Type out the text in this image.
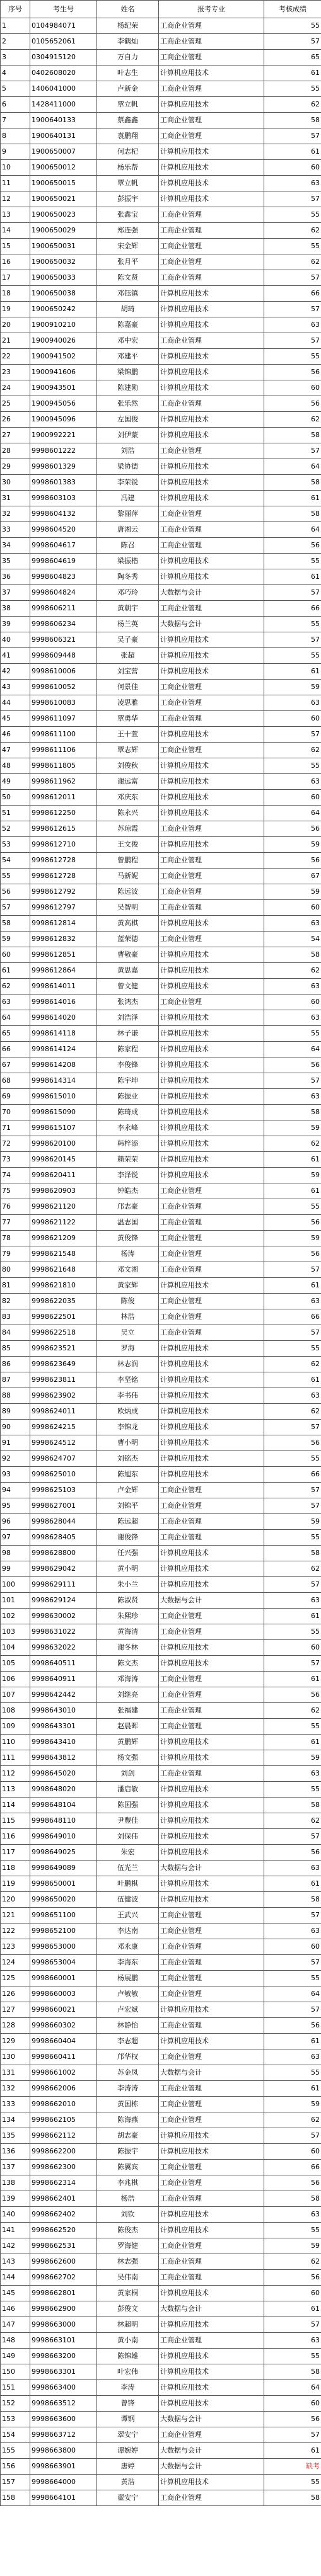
序号	考生号	姓名	报考专业	考核成绩
1	0104984071	杨纪荣	工商企业管理	55
2	0105652061	李鹤灿	工商企业管理	57
3	0304915120	万自力	工商企业管理	65
4	0402608020	叶志生	计算机应用技术	61
5	1406041000	卢新金	工商企业管理	55
6	1428411000	覃立帆	计算机应用技术	62
7	1900640133	蔡鑫鑫	工商企业管理	58
8	1900640131	袁鹏翔	工商企业管理	57
9	1900650007	何志杞	计算机应用技术	61
10	1900650012	杨乐帮	计算机应用技术	60
11	1900650015	覃立帆	计算机应用技术	63
12	1900650021	彭振宇	计算机应用技术	57
13	1900650023	张鑫宝	工商企业管理	55
14	1900650029	郑连强	工商企业管理	62
15	1900650031	宋金辉	工商企业管理	55
16	1900650032	张月平	工商企业管理	62
17	1900650033	陈文贤	工商企业管理	57
18	1900650038	邓钰镇	计算机应用技术	66
19	1900650242	胡琦	计算机应用技术	57
20	1900910210	陈嘉豪	计算机应用技术	63
21	1900940026	邓中宏	工商企业管理	57
22	1900941502	邓建平	计算机应用技术	55
23	1900941606	梁锦鹏	计算机应用技术	56
24	1900943501	陈建勋	计算机应用技术	60
25	1900945056	张乐然	工商企业管理	56
26	1900945096	左国俊	计算机应用技术	62
27	1900992221	刘伊蒙	计算机应用技术	58
28	9998601222	刘浩	工商企业管理	57
29	9998601329	梁协德	计算机应用技术	64
30	9998601383	李荣锐	计算机应用技术	58
31	9998603103	冯建	计算机应用技术	61
32	9998604132	黎丽萍	工商企业管理	58
33	9998604520	唐湘云	工商企业管理	64
34	9998604617	陈召	工商企业管理	56
35	9998604619	梁振楷	计算机应用技术	55
36	9998604823	陶冬秀	计算机应用技术	61
37	9998604824	邓巧玲	大数据与会计	57
38	9998606211	黄朝宇	工商企业管理	66
39	9998606234	杨兰英	大数据与会计	55
40	9998606321	吴子豪	计算机应用技术	57
41	9998609448	张超	计算机应用技术	55
42	9998610006	刘宝营	计算机应用技术	61
43	9998610052	何景佳	工商企业管理	59
44	9998610083	凌思雅	工商企业管理	63
45	9998611097	覃勇华	工商企业管理	60
46	9998611100	王十萱	计算机应用技术	57
47	9998611106	覃志辉	工商企业管理	62
48	9998611805	刘俊秋	计算机应用技术	55
49	9998611962	谢远富	计算机应用技术	63
50	9998612011	邓庆东	计算机应用技术	60
51	9998612250	陈永兴	计算机应用技术	64
52	9998612615	苏琼霞	工商企业管理	56
53	9998612710	王文俊	计算机应用技术	59
54	9998612728	曾鹏程	工商企业管理	56
55	9998612728	马新妮	工商企业管理	67
56	9998612792	陈远波	工商企业管理	59
57	9998612797	吴智明	工商企业管理	60
58	9998612814	黄高棋	计算机应用技术	63
59	9998612832	蓝荣德	工商企业管理	54
60	9998612851	曹敬豪	计算机应用技术	58
61	9998612864	黄思嘉	计算机应用技术	62
62	9998614011	曾文健	计算机应用技术	63
63	9998614016	张鸿杰	工商企业管理	60
64	9998614020	刘浩泽	计算机应用技术	63
65	9998614118	林子谦	计算机应用技术	55
66	9998614124	陈家程	计算机应用技术	64
67	9998614208	李俊锋	计算机应用技术	56
68	9998614314	陈宇坤	计算机应用技术	57
69	9998615010	陈振业	计算机应用技术	63
70	9998615090	陈琦成	计算机应用技术	58
71	9998615107	李永峰	计算机应用技术	59
72	9998620100	韩梓添	计算机应用技术	62
73	9998620145	赖荣荣	计算机应用技术	61
74	9998620411	李泽锐	计算机应用技术	59
75	9998620903	钟皓杰	工商企业管理	61
76	9998621120	邝志豪	工商企业管理	55
77	9998621122	温志国	工商企业管理	56
78	9998621209	黄俊锋	工商企业管理	59
79	9998621548	杨涛	工商企业管理	56
80	9998621648	邓文湘	工商企业管理	57
81	9998621810	黄家辉	计算机应用技术	61
82	9998622035	陈俊	工商企业管理	63
83	9998622501	林浩	工商企业管理	66
84	9998622518	吴立	工商企业管理	57
85	9998623521	罗海	计算机应用技术	55
86	9998623649	林志润	计算机应用技术	62
87	9998623811	李坚铭	计算机应用技术	61
88	9998623902	李书伟	计算机应用技术	63
89	9998624011	欧炳成	计算机应用技术	62
90	9998624215	李锦龙	计算机应用技术	57
91	9998624512	曹小明	计算机应用技术	56
92	9998624707	刘铭杰	计算机应用技术	55
93	9998625010	陈旭东	计算机应用技术	66
94	9998625103	卢金辉	工商企业管理	57
95	9998627001	刘锦平	工商企业管理	57
96	9998628044	陈远超	工商企业管理	59
97	9998628405	谢俊锋	工商企业管理	55
98	9998628800	任兴强	计算机应用技术	58
99	9998629042	黄小明	计算机应用技术	62
100	9998629111	朱小兰	计算机应用技术	57
101	9998629124	陈淑贤	大数据与会计	63
102	9998630002	朱熙珍	工商企业管理	61
103	9998631022	黄海清	工商企业管理	55
104	9998632022	谢冬林	计算机应用技术	60
105	9998640511	陈文杰	计算机应用技术	57
106	9998640911	邓海涛	工商企业管理	61
107	9998642442	刘继亮	工商企业管理	56
108	9998643010	张福建	工商企业管理	62
109	9998643301	赵晨晖	工商企业管理	55
110	9998643410	黄鹏辉	计算机应用技术	61
111	9998643812	杨文强	计算机应用技术	59
112	9998645020	刘剑	工商企业管理	63
113	9998648020	潘启敏	计算机应用技术	55
114	9998648104	陈国强	计算机应用技术	58
115	9998648110	尹豐佳	计算机应用技术	62
116	9998649010	刘保伟	计算机应用技术	57
117	9998649025	朱宏	计算机应用技术	56
118	9998649089	伍光兰	大数据与会计	63
119	9998650001	叶鹏棋	计算机应用技术	61
120	9998650020	伍健波	计算机应用技术	58
121	9998651100	王武兴	工商企业管理	57
122	9998652100	李达南	工商企业管理	63
123	9998653000	邓永康	工商企业管理	60
124	9998653004	李海东	工商企业管理	57
125	9998660001	杨展鹏	工商企业管理	55
126	9998660003	卢敏敏	工商企业管理	64
127	9998660021	卢宏斌	计算机应用技术	57
128	9998660302	林静怡	工商企业管理	56
129	9998660404	李志超	计算机应用技术	61
130	9998660411	邝华权	工商企业管理	63
131	9998661002	苏金凤	大数据与会计	55
132	9998662006	李涛涛	工商企业管理	61
133	9998662010	黄国栋	工商企业管理	59
134	9998662105	陈海燕	工商企业管理	62
135	9998662112	胡志豪	计算机应用技术	57
136	9998662200	陈振宇	计算机应用技术	60
137	9998662300	陈翼宾	工商企业管理	66
138	9998662314	李兆棋	工商企业管理	56
139	9998662401	杨浩	工商企业管理	58
140	9998662402	刘钦	计算机应用技术	63
141	9998662520	陈俊杰	计算机应用技术	55
142	9998662531	罗海健	工商企业管理	59
143	9998662600	林志强	工商企业管理	62
144	9998662702	吴伟南	工商企业管理	56
145	9998662801	黄家桐	计算机应用技术	60
146	9998662900	彭俊文	大数据与会计	61
147	9998663000	林超明	计算机应用技术	57
148	9998663101	黄小南	工商企业管理	63
149	9998663200	陈锦雄	计算机应用技术	55
150	9998663301	叶宏伟	计算机应用技术	58
151	9998663400	李涛	计算机应用技术	64
152	9998663512	曾锋	计算机应用技术	60
153	9998663600	谭钢	大数据与会计	56
154	9998663712	翠安宁	工商企业管理	57
155	9998663800	谭婉婷	大数据与会计	61
156	9998663901	唐婷	大数据与会计	缺考
157	9998664000	黄浩	计算机应用技术	55
158	9998664101	翟安宁	工商企业管理	58
